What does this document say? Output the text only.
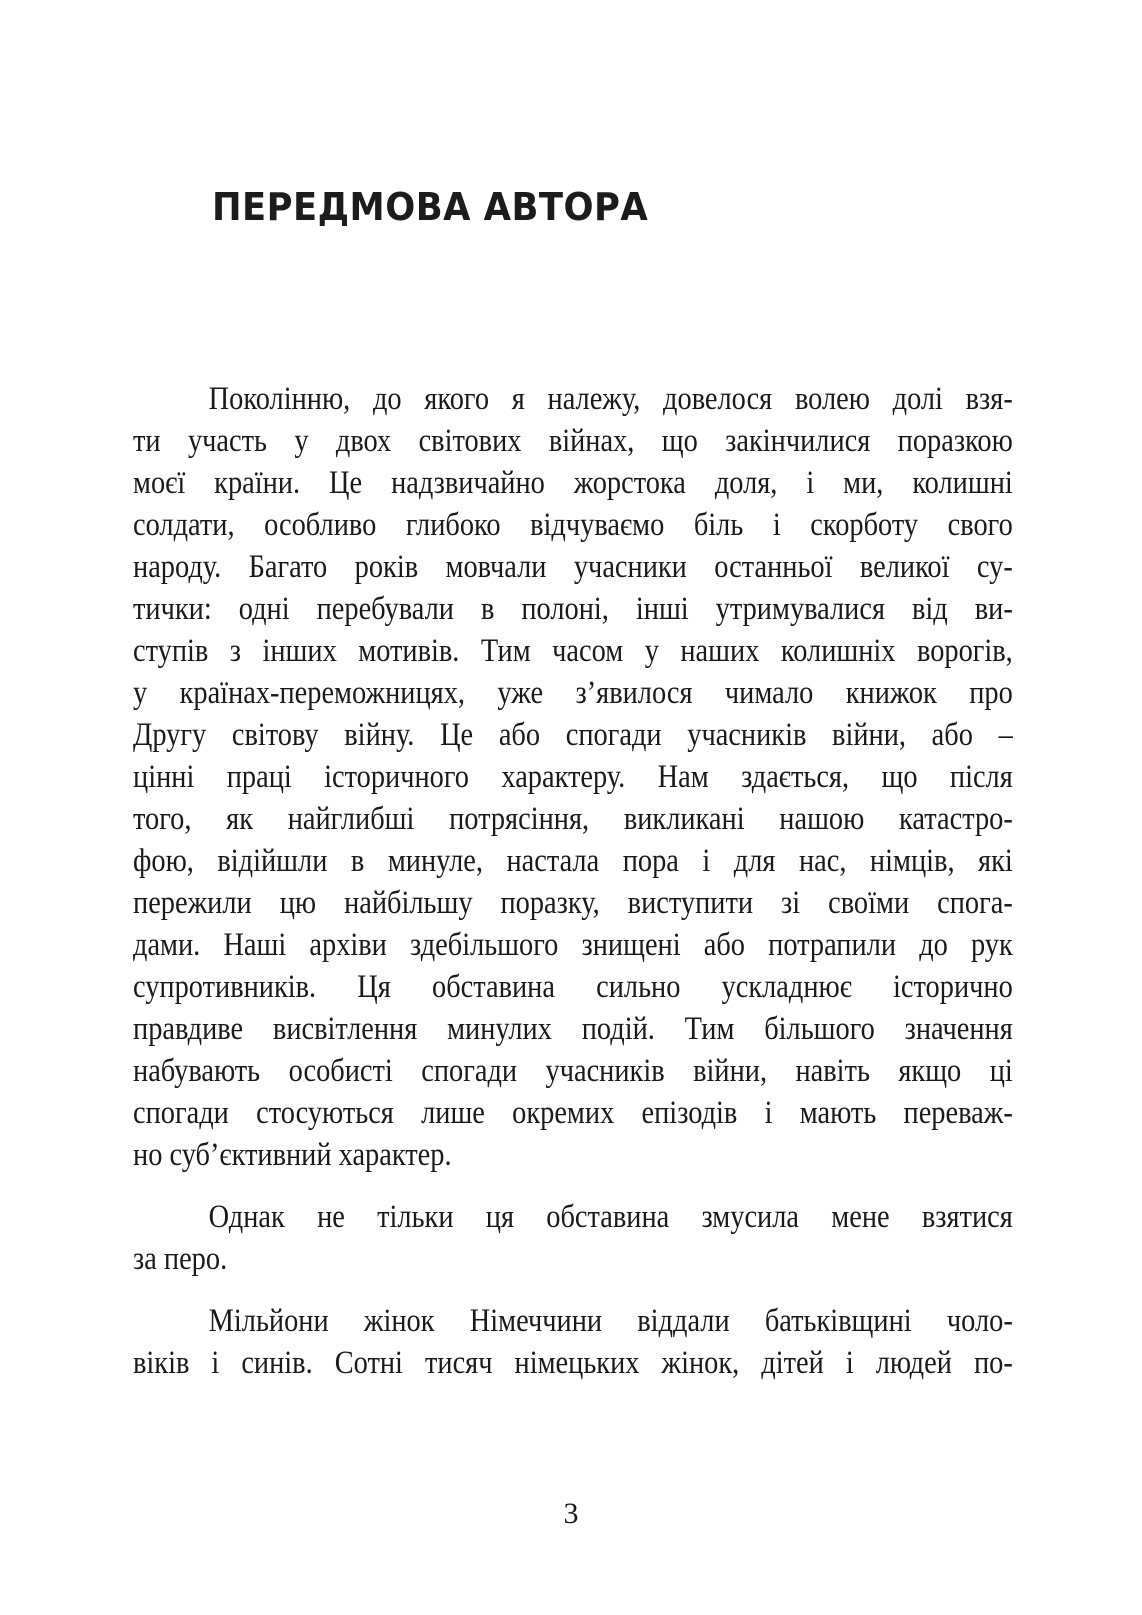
ПЕРЕДМОВА АВТОРА
Поколінню, до якого я належу, довелося волею долі взя-
ти участь у двох світових війнах, що закінчилися поразкою
моєї країни. Це надзвичайно жорстока доля, і ми, колишні
солдати, особливо глибоко відчуваємо біль і скорботу свого
народу. Багато років мовчали учасники останньої великої су-
тички: одні перебували в полоні, інші утримувалися від ви-
ступів з інших мотивів. Тим часом у наших колишніх ворогів,
у країнах-переможницях, уже з’явилося чимало книжок про
Другу світову війну. Це або спогади учасників війни, або –
цінні праці історичного характеру. Нам здається, що після
того, як найглибші потрясіння, викликані нашою катастро-
фою, відійшли в минуле, настала пора і для нас, німців, які
пережили цю найбільшу поразку, виступити зі своїми спога-
дами. Наші архіви здебільшого знищені або потрапили до рук
супротивників. Ця обставина сильно ускладнює історично
правдиве висвітлення минулих подій. Тим більшого значення
набувають особисті спогади учасників війни, навіть якщо ці
спогади стосуються лише окремих епізодів і мають переваж-
но суб’єктивний характер.
Однак не тільки ця обставина змусила мене взятися
за перо.
Мільйони жінок Німеччини віддали батьківщині чоло-
віків і синів. Сотні тисяч німецьких жінок, дітей і людей по-
3
